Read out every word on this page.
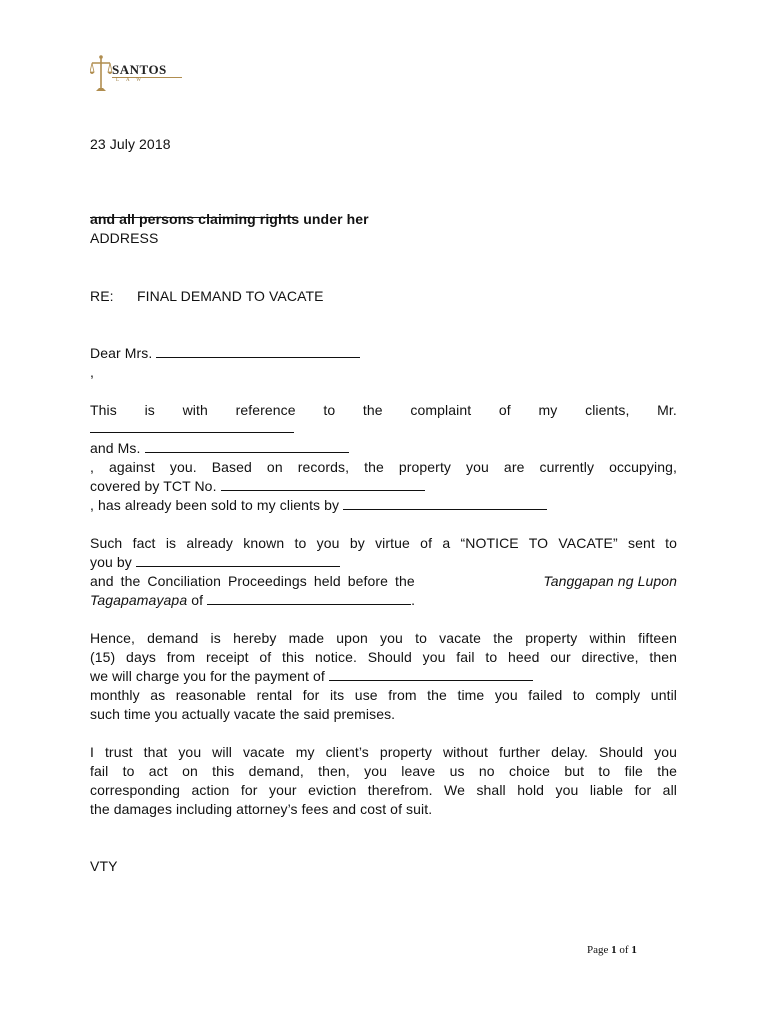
SANTOS
LAW
23 July 2018
and all persons claiming rights under her
ADDRESS
RE: FINAL DEMAND TO VACATE
Dear Mrs.
,
This is with reference to the complaint of my clients, Mr.
and Ms.
, against you. Based on records, the property you are currently occupying,
covered by TCT No.
, has already been sold to my clients by
Such fact is already known to you by virtue of a “NOTICE TO VACATE” sent to
you by
and the Conciliation Proceedings held before the	Tanggapan ng Lupon
Tagapamayapa of	.
Hence, demand is hereby made upon you to vacate the property within fifteen
(15) days from receipt of this notice. Should you fail to heed our directive, then
we will charge you for the payment of
monthly as reasonable rental for its use from the time you failed to comply until
such time you actually vacate the said premises.
I trust that you will vacate my client’s property without further delay. Should you
fail to act on this demand, then, you leave us no choice but to file the
corresponding action for your eviction therefrom. We shall hold you liable for all
the damages including attorney’s fees and cost of suit.
VTY
Page 1 of 1
